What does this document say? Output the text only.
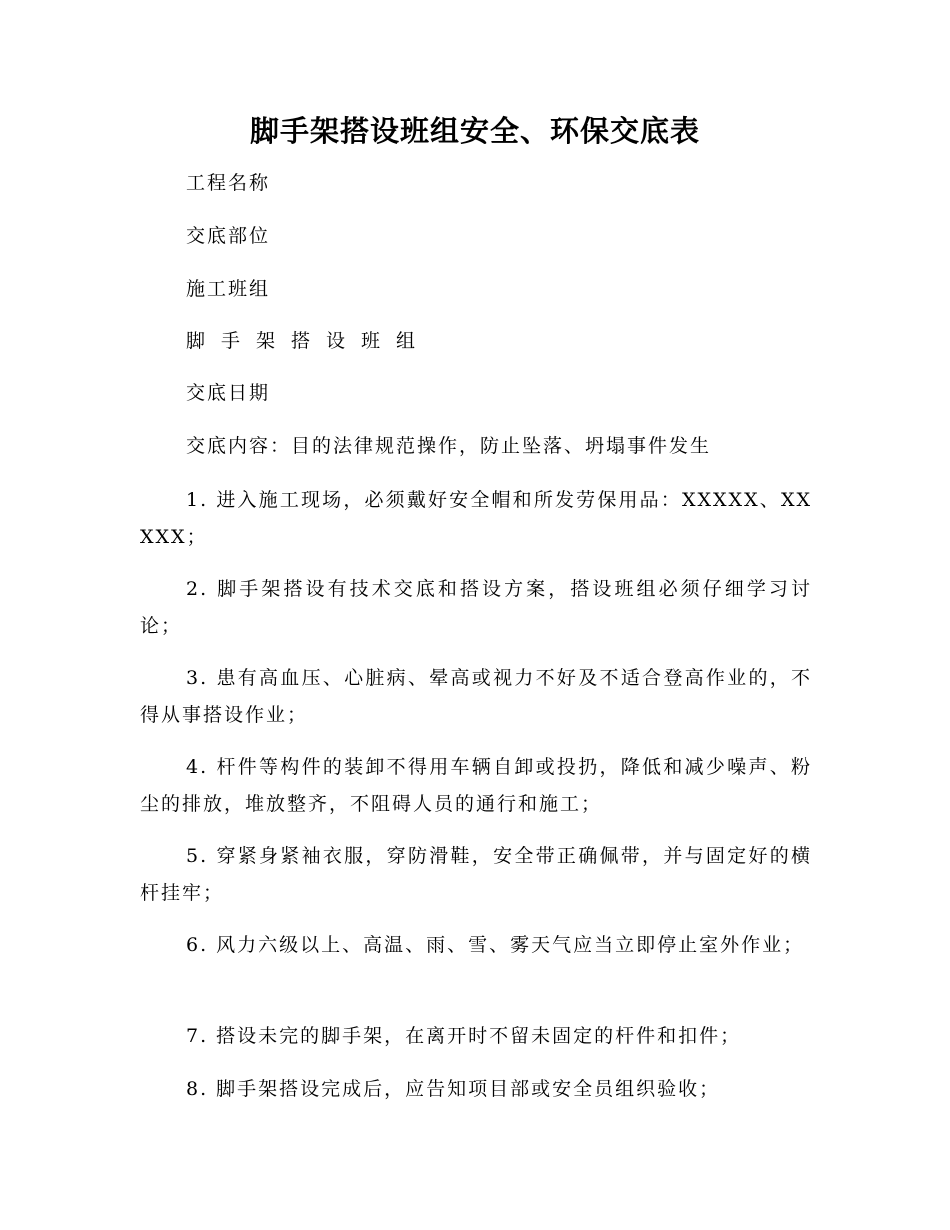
脚手架搭设班组安全、环保交底表
工程名称
交底部位
施工班组
脚手架搭设班组
交底日期
交底内容：目的法律规范操作，防止坠落、坍塌事件发生
1. 进入施工现场，必须戴好安全帽和所发劳保用品：XXXXX、XXXXX；
2. 脚手架搭设有技术交底和搭设方案，搭设班组必须仔细学习讨论；
3. 患有高血压、心脏病、晕高或视力不好及不适合登高作业的，不得从事搭设作业；
4. 杆件等构件的装卸不得用车辆自卸或投扔，降低和减少噪声、粉尘的排放，堆放整齐，不阻碍人员的通行和施工；
5. 穿紧身紧袖衣服，穿防滑鞋，安全带正确佩带，并与固定好的横杆挂牢；
6. 风力六级以上、高温、雨、雪、雾天气应当立即停止室外作业；
7. 搭设未完的脚手架，在离开时不留未固定的杆件和扣件；
8. 脚手架搭设完成后，应告知项目部或安全员组织验收；
